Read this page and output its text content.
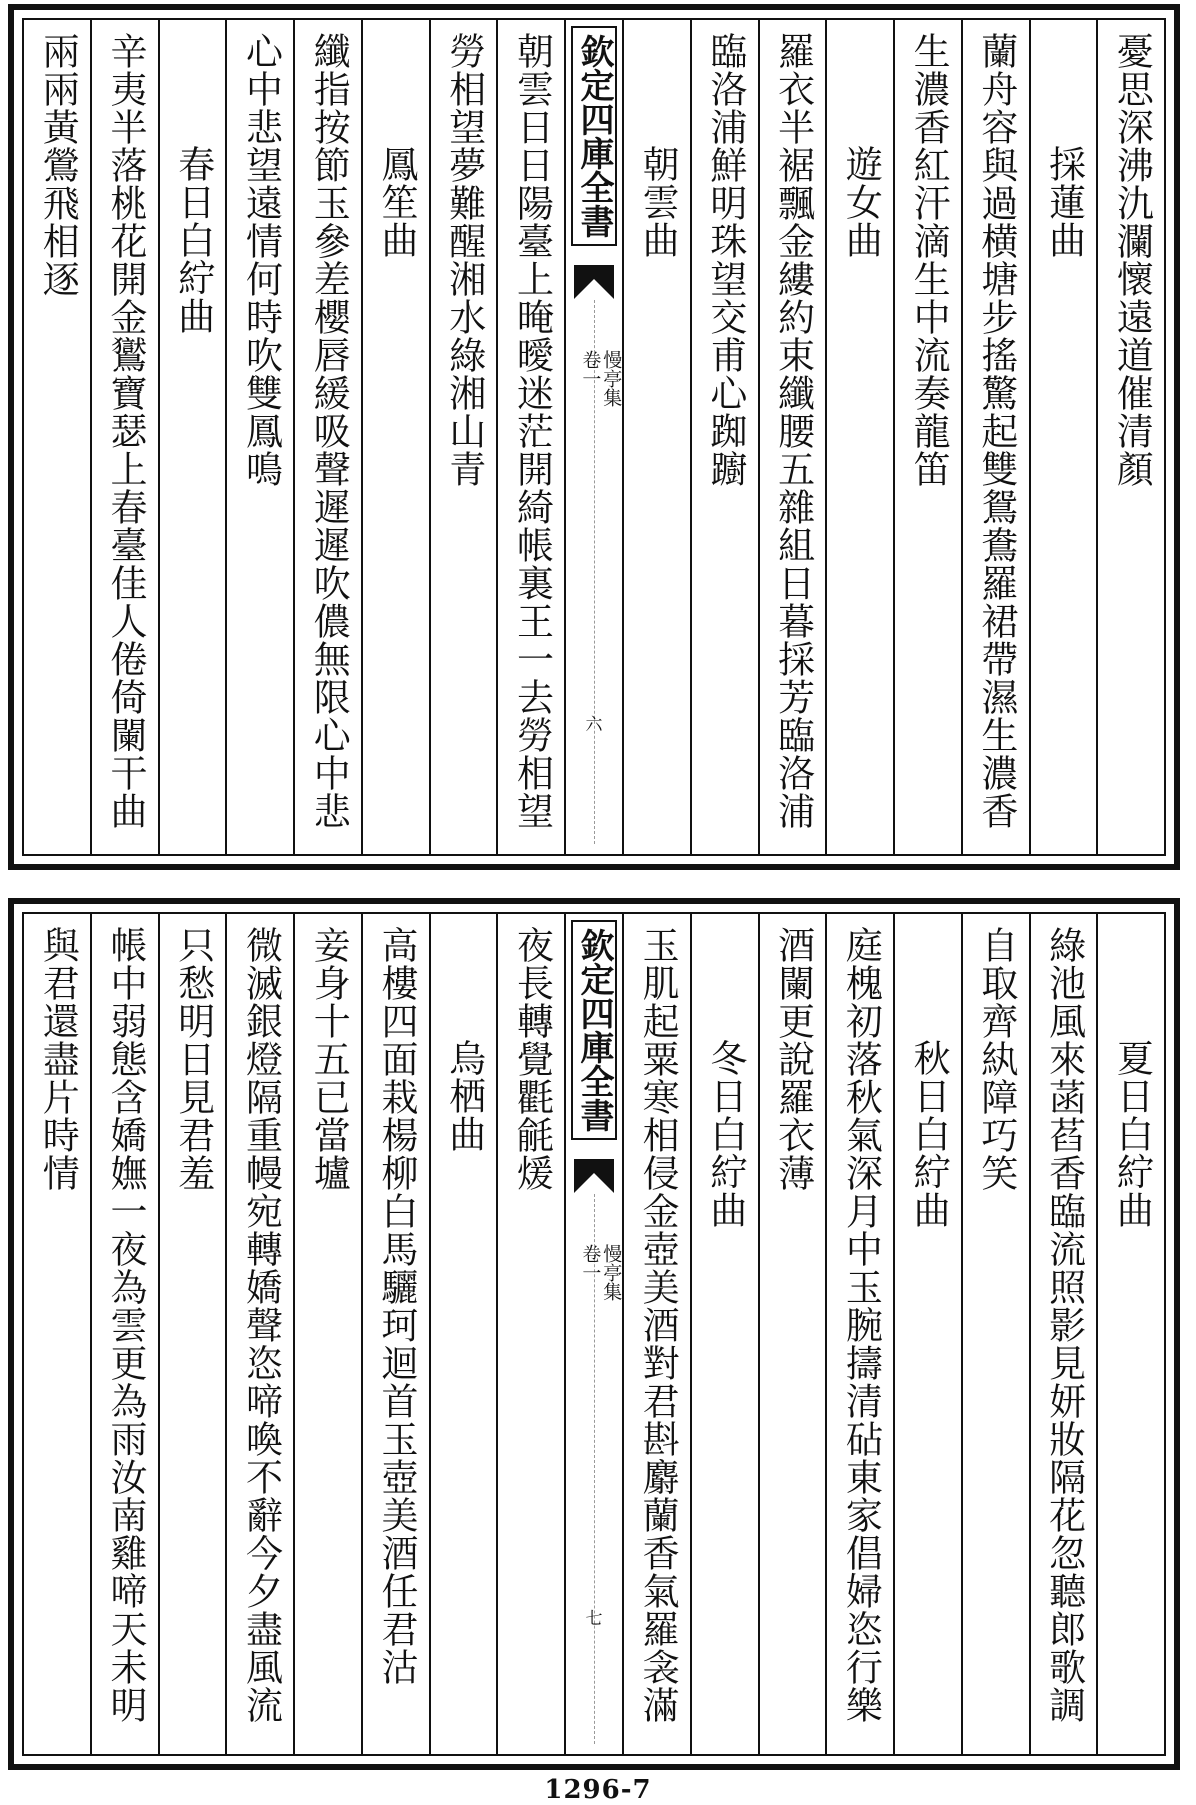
憂思深沸氿瀾懷遠道催清顏
採蓮曲
蘭舟容與過横塘步搖驚起雙鴛鴦羅裙帶濕生濃香
生濃香紅汗滴生中流奏龍笛
遊女曲
羅衣半裾飄金縷約束纖腰五雜組日暮採芳臨洛浦
臨洛浦鮮明珠望交甫心踟躕
朝雲曲
欽定四庫全書
慢亭集
卷一
六
朝雲日日陽臺上晻曖迷茫開綺帳裏王一去勞相望
勞相望夢難醒湘水綠湘山青
鳳笙曲
纖指按節玉參差櫻唇緩吸聲遲遲吹儂無限心中悲
心中悲望遠情何時吹雙鳳鳴
春日白紵曲
辛夷半落桃花開金鸑寶瑟上春臺佳人倦倚闌干曲
兩兩黃鶯飛相逐
夏日白紵曲
綠池風來菡萏香臨流照影見妍妝隔花忽聽郎歌調
自取齊紈障巧笑
秋日白紵曲
庭槐初落秋氣深月中玉腕擣清砧東家倡婦恣行樂
酒闌更說羅衣薄
冬日白紵曲
玉肌起粟寒相侵金壺美酒對君斟麝蘭香氣羅衾滿
欽定四庫全書
慢亭集
卷一
七
夜長轉覺氍毹煖
烏栖曲
高樓四面栽楊柳白馬驪珂迴首玉壺美酒任君沽
妾身十五已當壚
微滅銀燈隔重幔宛轉嬌聲恣啼喚不辭今夕盡風流
只愁明日見君羞
帳中弱態含嬌嫵一夜為雲更為雨汝南雞啼天未明
與君還盡片時情
1296-7
